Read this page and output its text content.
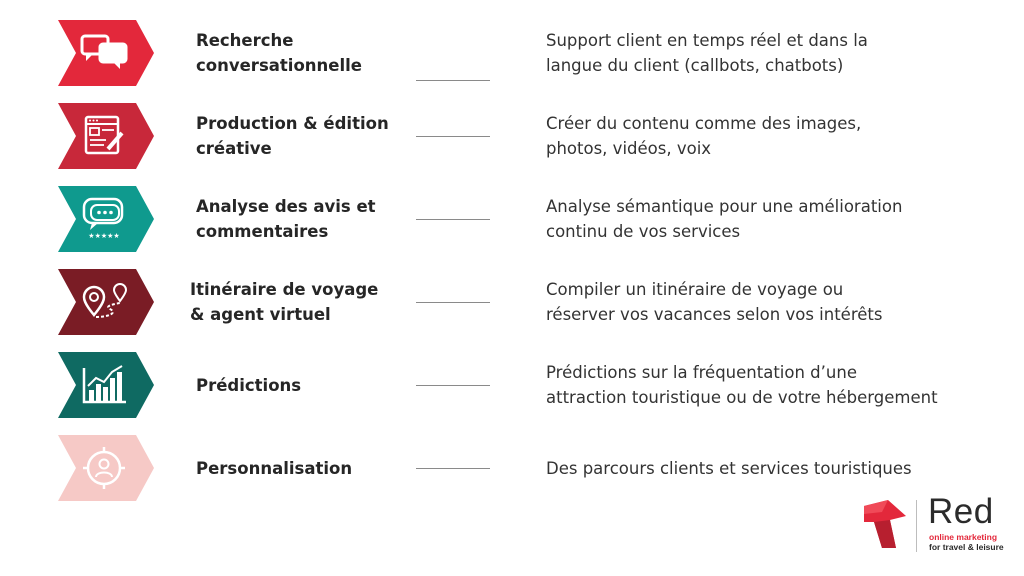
Recherche
conversationnelle
Support client en temps réel et dans la
langue du client (callbots, chatbots)
Production & édition
créative
Créer du contenu comme des images,
photos, vidéos, voix
★★★★★
Analyse des avis et
commentaires
Analyse sémantique pour une amélioration
continu de vos services
Itinéraire de voyage
& agent virtuel
Compiler un itinéraire de voyage ou
réserver vos vacances selon vos intérêts
Prédictions
Prédictions sur la fréquentation d’une
attraction touristique ou de votre hébergement
Personnalisation	Des parcours clients et services touristiques
Red
online marketing
for travel & leisure
